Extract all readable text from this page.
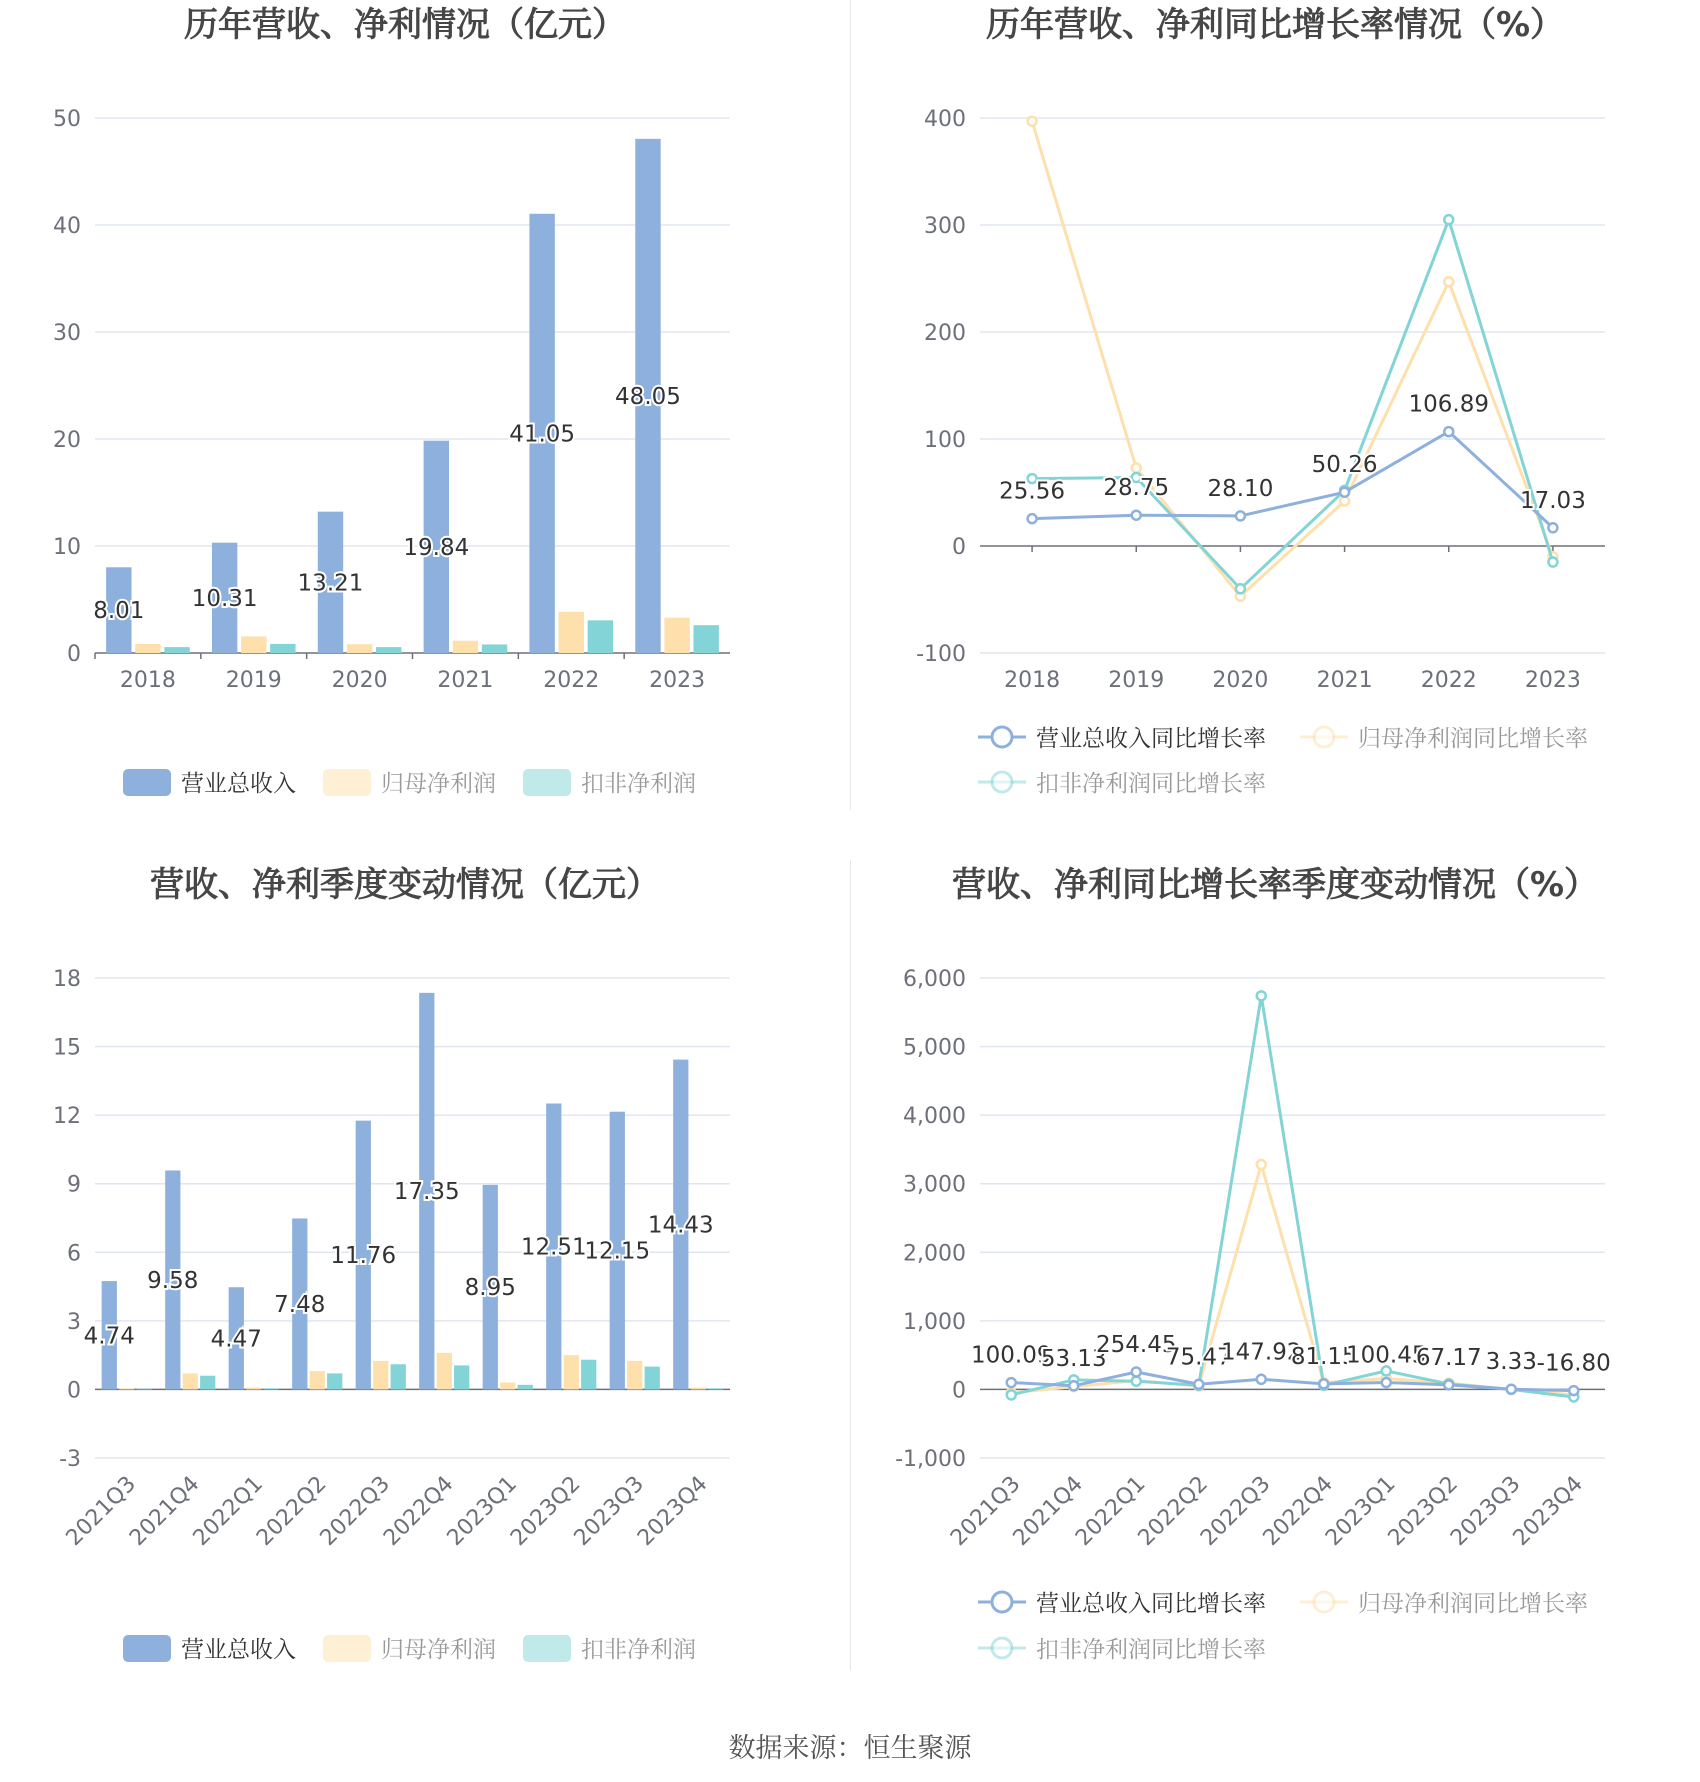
历年营收、净利情况（亿元）
0
10
20
30
40
50
2018 2019 2020 2021 2022 2023
8.01 10.31
13.21
19.84
41.05
48.05
营业总收入	归母净利润	扣非净利润
历年营收、净利同比增长率情况（%）
-100
0
100
200
300
400
2018 2019 2020 2021 2022 2023
25.56 28.75 28.10
50.26
106.89
17.03
营业总收入同比增长率	归母净利润同比增长率
扣非净利润同比增长率
营收、净利季度变动情况（亿元）
-3
0
3
6
9
12
15
18
2021Q3
2021Q4
2022Q1
2022Q2
2022Q3
2022Q4
2023Q1
2023Q2
2023Q3
2023Q4
4.74
9.58
4.47
7.48
11.76
17.35
8.95
12.51
12.15
14.43
营业总收入	归母净利润	扣非净利润
营收、净利同比增长率季度变动情况（%）
-1,000
0
1,000
2,000
3,000
4,000
5,000
6,000
2021Q3
2021Q4
2022Q1
2022Q2
2022Q3
2022Q4
2023Q1
2023Q2
2023Q3
2023Q4
100.09
53.13
254.45
75.47
147.92
81.15
100.45
67.17 3.33 -16.80
营业总收入同比增长率	归母净利润同比增长率
扣非净利润同比增长率
数据来源：恒生聚源
